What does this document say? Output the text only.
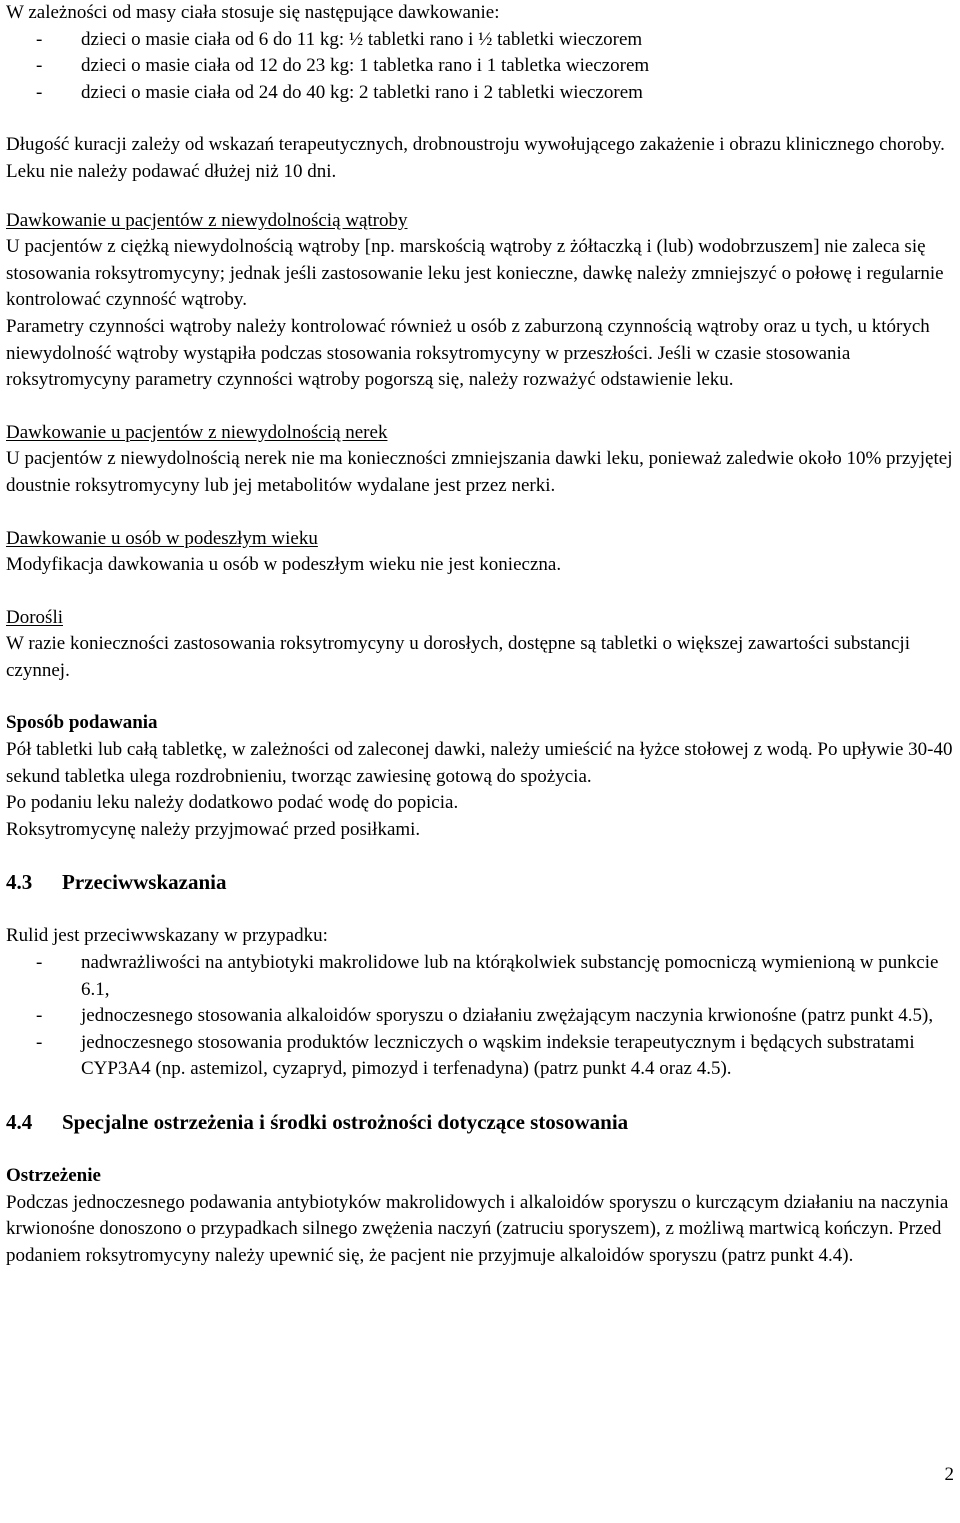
W zależności od masy ciała stosuje się następujące dawkowanie:

-	dzieci o masie ciała od 6 do 11 kg: ½ tabletki rano i ½ tabletki wieczorem
-	dzieci o masie ciała od 12 do 23 kg: 1 tabletka rano i 1 tabletka wieczorem
-	dzieci o masie ciała od 24 do 40 kg: 2 tabletki rano i 2 tabletki wieczorem

Długość kuracji zależy od wskazań terapeutycznych, drobnoustroju wywołującego zakażenie i obrazu klinicznego choroby. Leku nie należy podawać dłużej niż 10 dni.

Dawkowanie u pacjentów z niewydolnością wątroby

U pacjentów z ciężką niewydolnością wątroby [np. marskością wątroby z żółtaczką i (lub) wodobrzuszem] nie zaleca się stosowania roksytromycyny; jednak jeśli zastosowanie leku jest konieczne, dawkę należy zmniejszyć o połowę i regularnie kontrolować czynność wątroby.

Parametry czynności wątroby należy kontrolować również u osób z zaburzoną czynnością wątroby oraz u tych, u których niewydolność wątroby wystąpiła podczas stosowania roksytromycyny w przeszłości. Jeśli w czasie stosowania roksytromycyny parametry czynności wątroby pogorszą się, należy rozważyć odstawienie leku.

Dawkowanie u pacjentów z niewydolnością nerek

U pacjentów z niewydolnością nerek nie ma konieczności zmniejszania dawki leku, ponieważ zaledwie około 10% przyjętej doustnie roksytromycyny lub jej metabolitów wydalane jest przez nerki.

Dawkowanie u osób w podeszłym wieku

Modyfikacja dawkowania u osób w podeszłym wieku nie jest konieczna.

Dorośli

W razie konieczności zastosowania roksytromycyny u dorosłych, dostępne są tabletki o większej zawartości substancji czynnej.

Sposób podawania

Pół tabletki lub całą tabletkę, w zależności od zaleconej dawki, należy umieścić na łyżce stołowej z wodą. Po upływie 30-40 sekund tabletka ulega rozdrobnieniu, tworząc zawiesinę gotową do spożycia.

Po podaniu leku należy dodatkowo podać wodę do popicia.

Roksytromycynę należy przyjmować przed posiłkami.

4.3 Przeciwwskazania

Rulid jest przeciwwskazany w przypadku:

-	nadwrażliwości na antybiotyki makrolidowe lub na którąkolwiek substancję pomocniczą wymienioną w punkcie 6.1,
-	jednoczesnego stosowania alkaloidów sporyszu o działaniu zwężającym naczynia krwionośne (patrz punkt 4.5),
-	jednoczesnego stosowania produktów leczniczych o wąskim indeksie terapeutycznym i będących substratami CYP3A4 (np. astemizol, cyzapryd, pimozyd i terfenadyna) (patrz punkt 4.4 oraz 4.5).
4.4 Specjalne ostrzeżenia i środki ostrożności dotyczące stosowania

Ostrzeżenie

Podczas jednoczesnego podawania antybiotyków makrolidowych i alkaloidów sporyszu o kurczącym działaniu na naczynia krwionośne donoszono o przypadkach silnego zwężenia naczyń (zatruciu sporyszem), z możliwą martwicą kończyn. Przed podaniem roksytromycyny należy upewnić się, że pacjent nie przyjmuje alkaloidów sporyszu (patrz punkt 4.4).

2
